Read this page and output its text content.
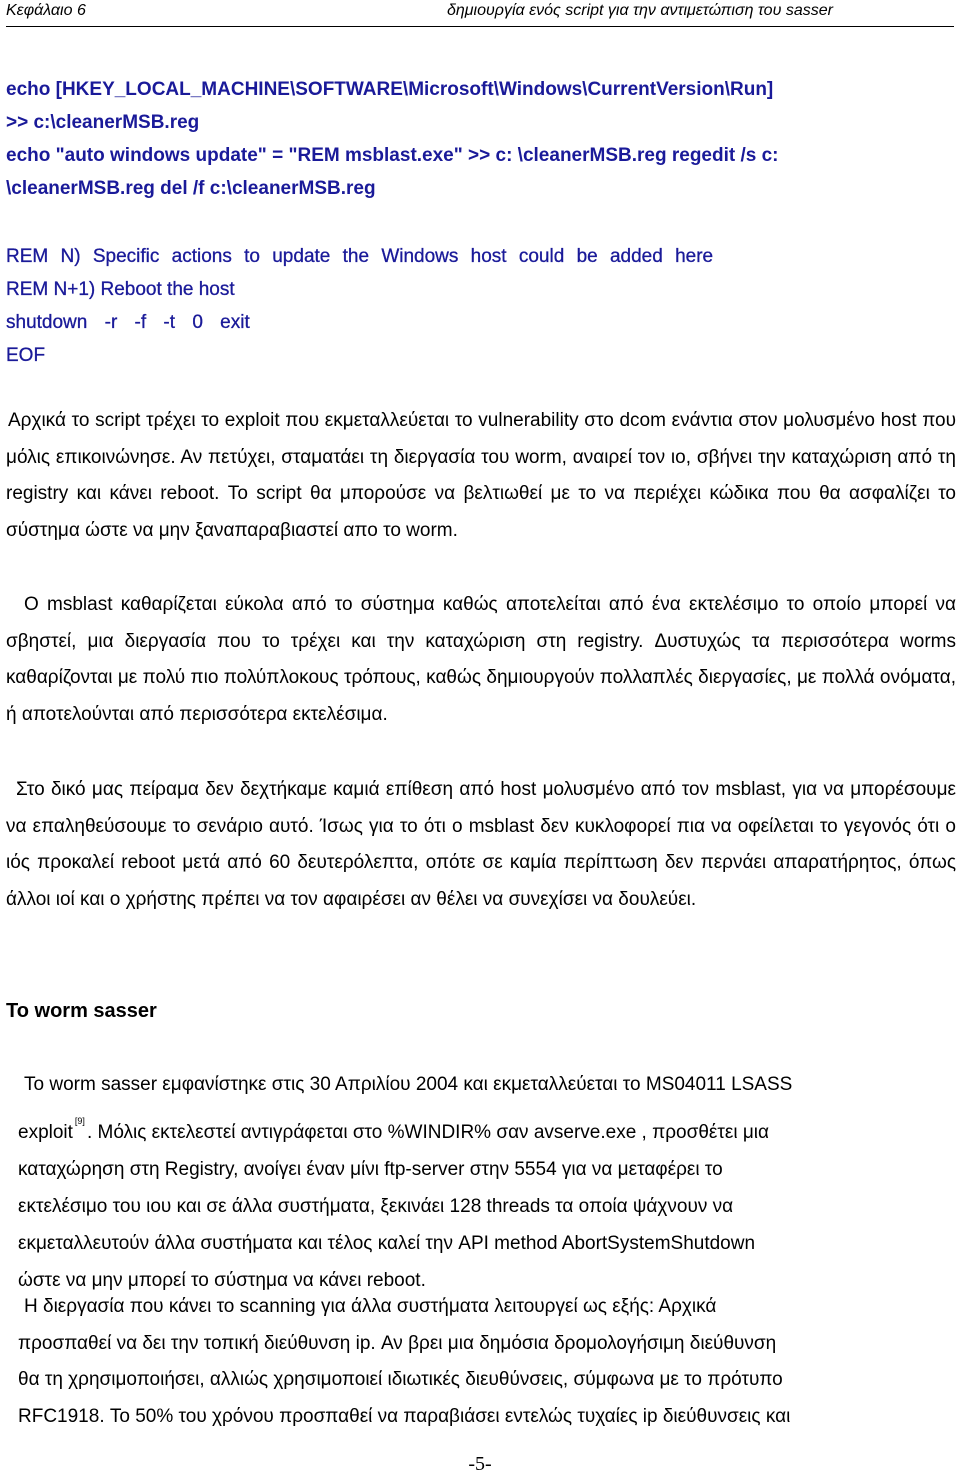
Κεφάλαιο 6	δημιουργία ενός script για την αντιμετώπιση του sasser
echo [HKEY_LOCAL_MACHINE\SOFTWARE\Microsoft\Windows\CurrentVersion\Run]
>> c:\cleanerMSB.reg
echo "auto windows update" = "REM msblast.exe" >> c: \cleanerMSB.reg regedit /s c:
\cleanerMSB.reg del /f c:\cleanerMSB.reg
REM N) Specific actions to update the Windows host could be added here
REM N+1) Reboot the host
shutdown -r -f -t 0 exit
EOF

Αρχικά το script τρέχει το exploit που εκμεταλλεύεται το vulnerability στο dcom ενάντια στον μολυσμένο host που μόλις επικοινώνησε. Αν πετύχει, σταματάει τη διεργασία του worm, αναιρεί τον ιο, σβήνει την καταχώριση από τη registry και κάνει reboot. Το script θα μπορούσε να βελτιωθεί με το να περιέχει κώδικα που θα ασφαλίζει το σύστημα ώστε να μην ξαναπαραβιαστεί απο το worm.

Ο msblast καθαρίζεται εύκολα από το σύστημα καθώς αποτελείται από ένα εκτελέσιμο το οποίο μπορεί να σβηστεί, μια διεργασία που το τρέχει και την καταχώριση στη registry. Δυστυχώς τα περισσότερα worms καθαρίζονται με πολύ πιο πολύπλοκους τρόπους, καθώς δημιουργούν πολλαπλές διεργασίες, με πολλά ονόματα, ή αποτελούνται από περισσότερα εκτελέσιμα.

Στο δικό μας πείραμα δεν δεχτήκαμε καμιά επίθεση από host μολυσμένο από τον msblast, για να μπορέσουμε να επαληθεύσουμε το σενάριο αυτό. Ίσως για το ότι ο msblast δεν κυκλοφορεί πια να οφείλεται το γεγονός ότι ο ιός προκαλεί reboot μετά από 60 δευτερόλεπτα, οπότε σε καμία περίπτωση δεν περνάει απαρατήρητος, όπως άλλοι ιοί και ο χρήστης πρέπει να τον αφαιρέσει αν θέλει να συνεχίσει να δουλεύει.

To worm sasser
To worm sasser εμφανίστηκε στις 30 Απριλίου 2004 και εκμεταλλεύεται το MS04011 LSASS
exploit[9]. Μόλις εκτελεστεί αντιγράφεται στο %WINDIR% σαν avserve.exe , προσθέτει μια
καταχώρηση στη Registry, ανοίγει έναν μίνι ftp-server στην 5554 για να μεταφέρει το
εκτελέσιμο του ιου και σε άλλα συστήματα, ξεκινάει 128 threads τα οποία ψάχνουν να
εκμεταλλευτούν άλλα συστήματα και τέλος καλεί την API method AbortSystemShutdown
ώστε να μην μπορεί το σύστημα να κάνει reboot.
Η διεργασία που κάνει το scanning για άλλα συστήματα λειτουργεί ως εξής: Αρχικά
προσπαθεί να δει την τοπική διεύθυνση ip. Αν βρει μια δημόσια δρομολογήσιμη διεύθυνση
θα τη χρησιμοποιήσει, αλλιώς χρησιμοποιεί ιδιωτικές διευθύνσεις, σύμφωνα με το πρότυπο
RFC1918. Το 50% του χρόνου προσπαθεί να παραβιάσει εντελώς τυχαίες ip διεύθυνσεις και
-5-
